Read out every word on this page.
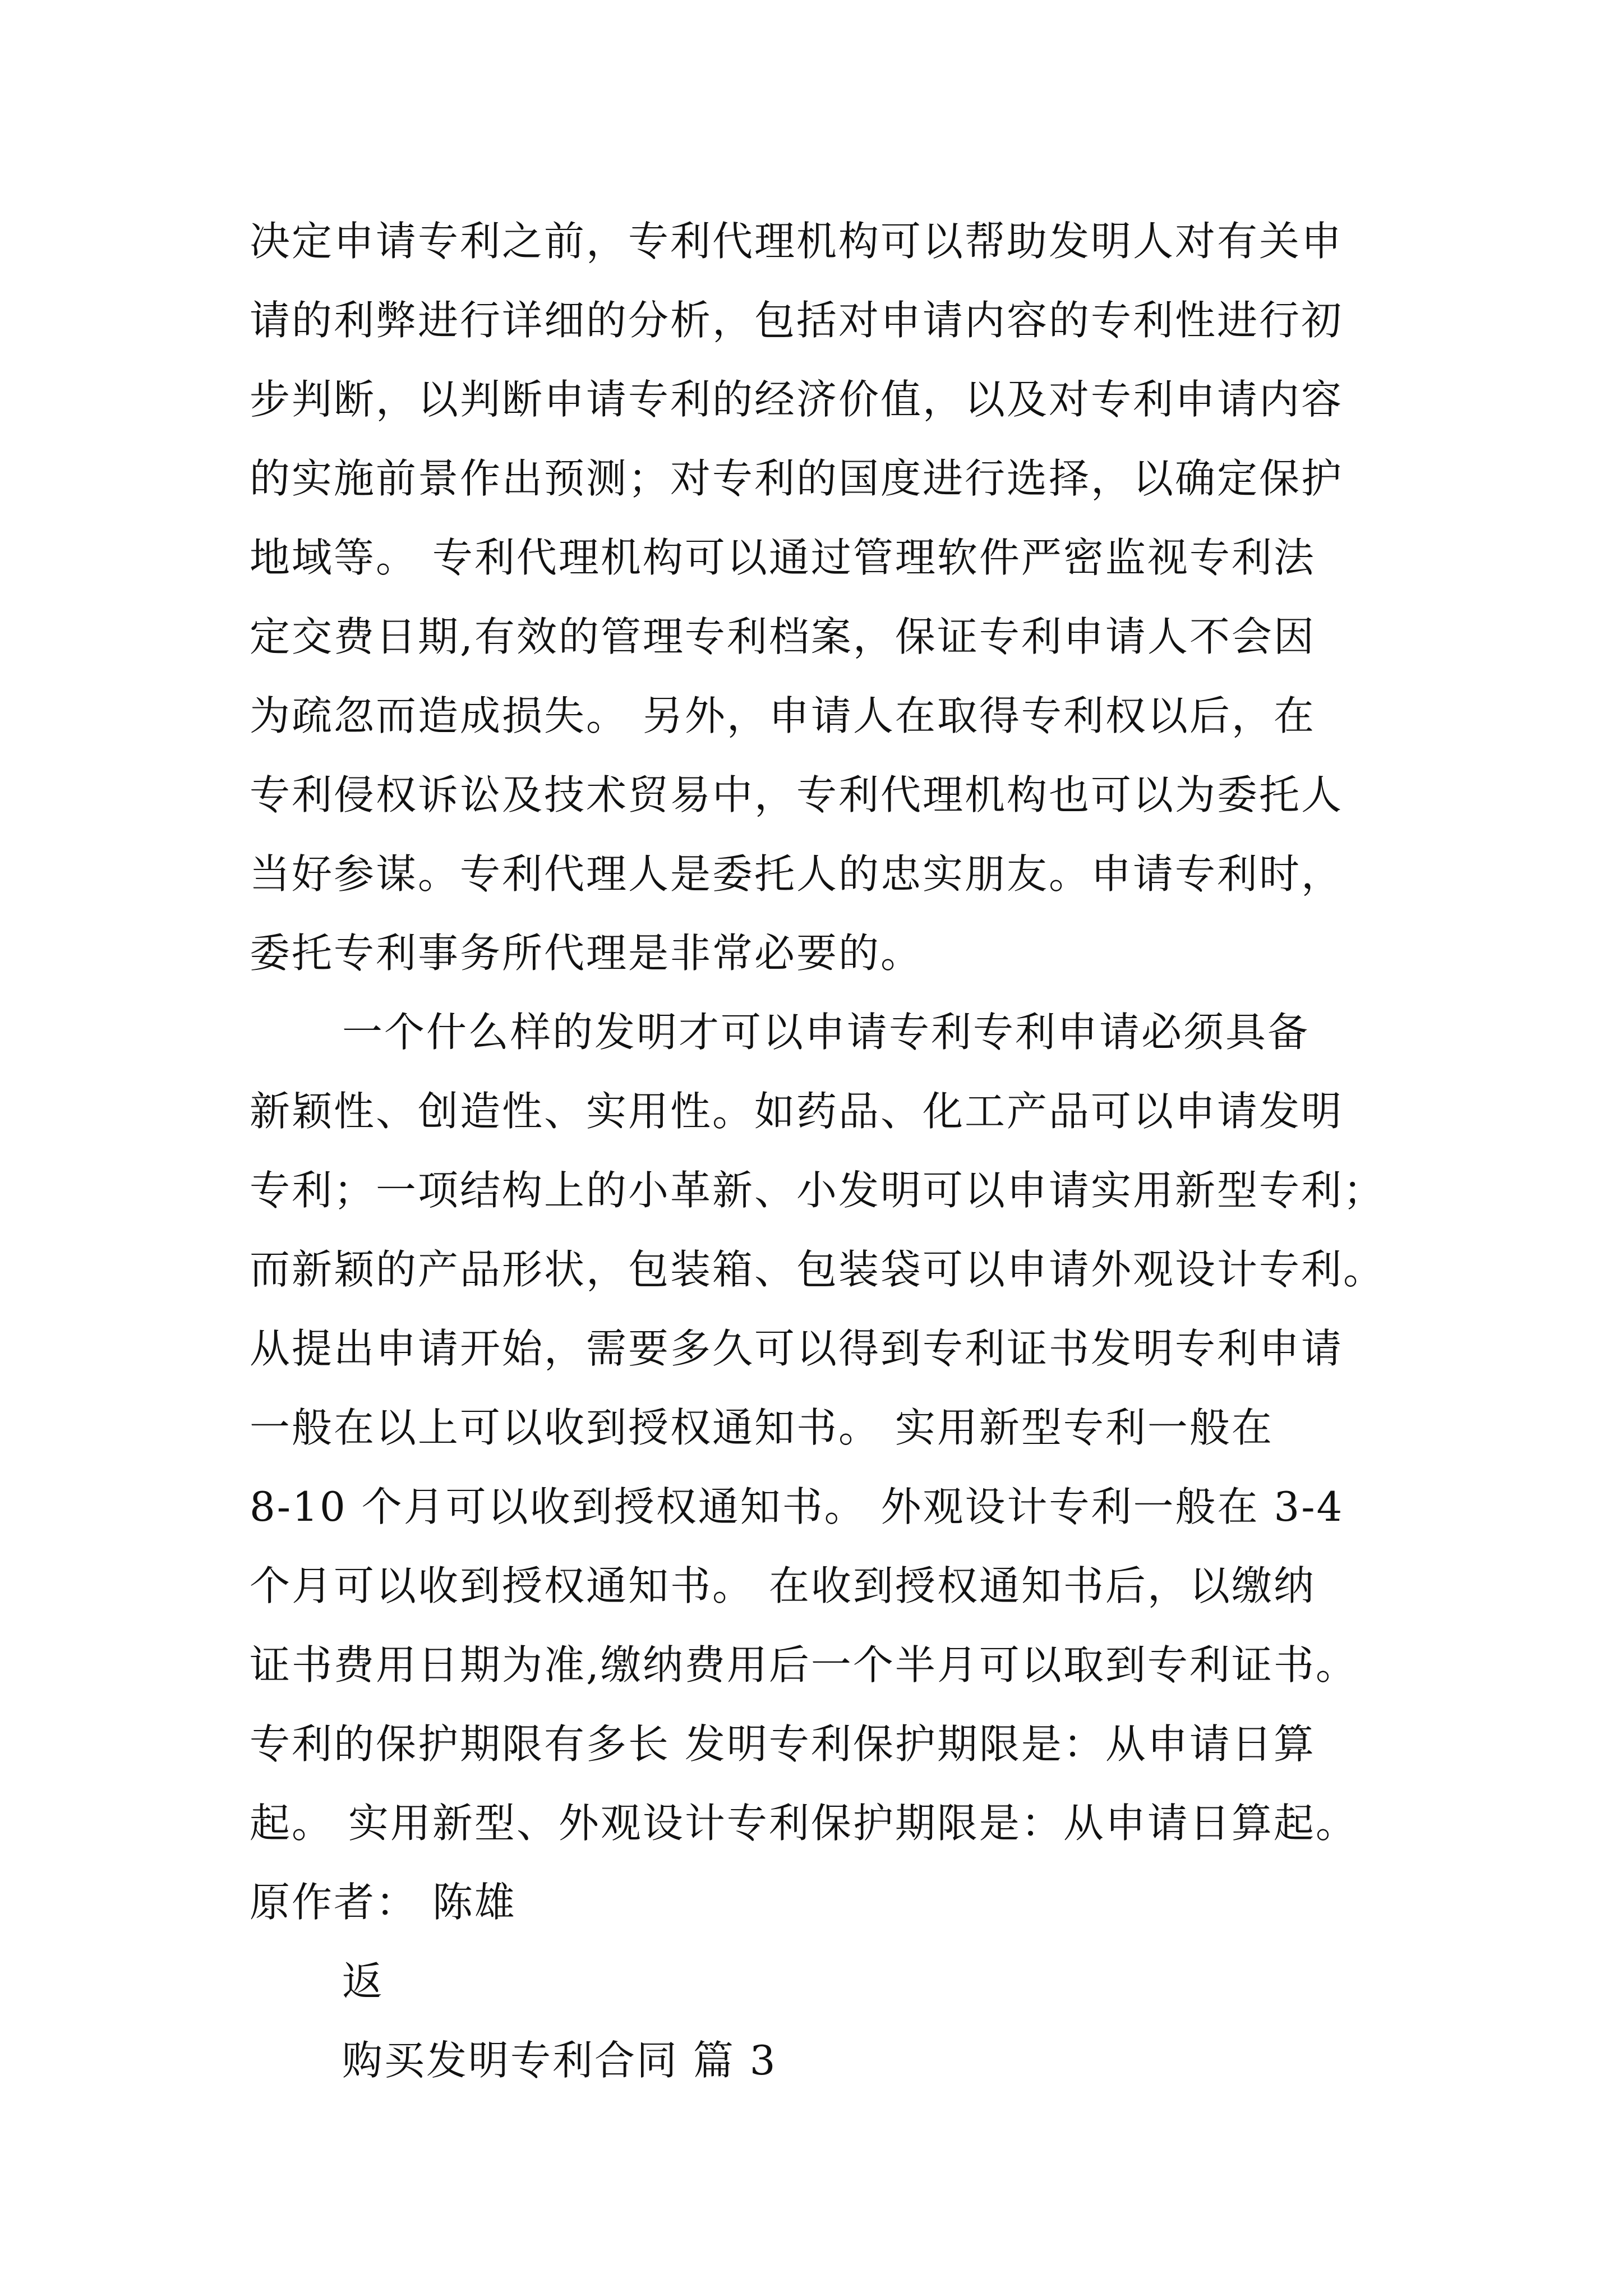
决定申请专利之前，专利代理机构可以帮助发明人对有关申
请的利弊进行详细的分析，包括对申请内容的专利性进行初
步判断，以判断申请专利的经济价值，以及对专利申请内容
的实施前景作出预测；对专利的国度进行选择，以确定保护
地域等。 专利代理机构可以通过管理软件严密监视专利法
定交费日期,有效的管理专利档案，保证专利申请人不会因
为疏忽而造成损失。 另外，申请人在取得专利权以后，在
专利侵权诉讼及技术贸易中，专利代理机构也可以为委托人
当好参谋。专利代理人是委托人的忠实朋友。申请专利时，
委托专利事务所代理是非常必要的。
一个什么样的发明才可以申请专利专利申请必须具备
新颖性、创造性、实用性。如药品、化工产品可以申请发明
专利；一项结构上的小革新、小发明可以申请实用新型专利；
而新颖的产品形状，包装箱、包装袋可以申请外观设计专利。
从提出申请开始，需要多久可以得到专利证书发明专利申请
一般在以上可以收到授权通知书。 实用新型专利一般在
8-10 个月可以收到授权通知书。 外观设计专利一般在 3-4
个月可以收到授权通知书。 在收到授权通知书后，以缴纳
证书费用日期为准,缴纳费用后一个半月可以取到专利证书。
专利的保护期限有多长 发明专利保护期限是：从申请日算
起。 实用新型、外观设计专利保护期限是：从申请日算起。
原作者： 陈雄
返
购买发明专利合同 篇 3
